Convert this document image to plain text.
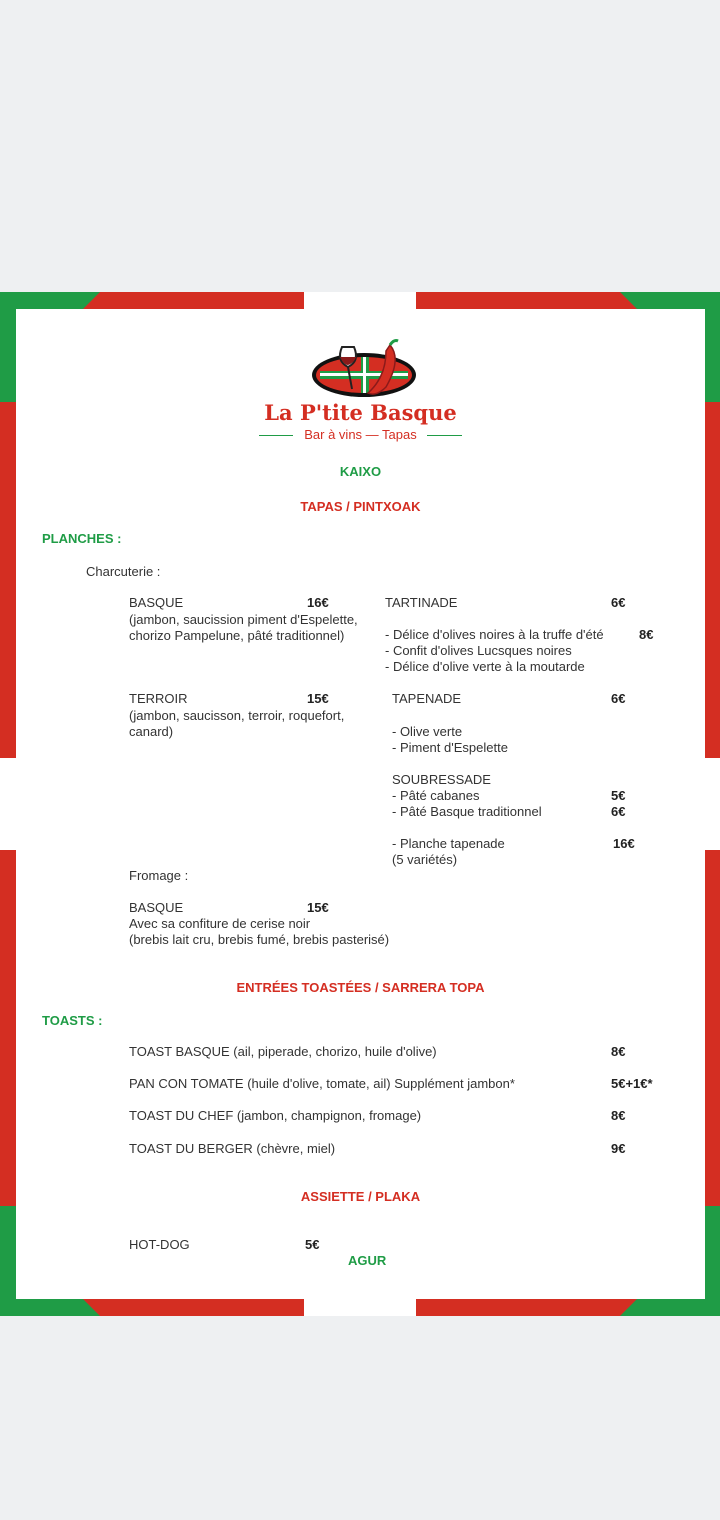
La P'tite Basque
Bar à vins — Tapas
KAIXO
TAPAS / PINTXOAK
PLANCHES :
Charcuterie :
BASQUE	16€
(jambon, saucission piment d'Espelette,
chorizo Pampelune, pâté traditionnel)
TARTINADE	6€
- Délice d'olives noires à la truffe d'été	8€
- Confit d'olives Lucsques noires
- Délice d'olive verte à la moutarde
TERROIR	15€
(jambon, saucisson, terroir, roquefort,
canard)
TAPENADE	6€
- Olive verte
- Piment d'Espelette
SOUBRESSADE
- Pâté cabanes	5€
- Pâté Basque traditionnel	6€
- Planche tapenade	16€
(5 variétés)
Fromage :
BASQUE	15€
Avec sa confiture de cerise noir
(brebis lait cru, brebis fumé, brebis pasterisé)
ENTRÉES TOASTÉES / SARRERA TOPA
TOASTS :
TOAST BASQUE (ail, piperade, chorizo, huile d'olive)	8€
PAN CON TOMATE (huile d'olive, tomate, ail) Supplément jambon*	5€+1€*
TOAST DU CHEF (jambon, champignon, fromage)	8€
TOAST DU BERGER (chèvre, miel)	9€
ASSIETTE / PLAKA
HOT-DOG	5€
AGUR
